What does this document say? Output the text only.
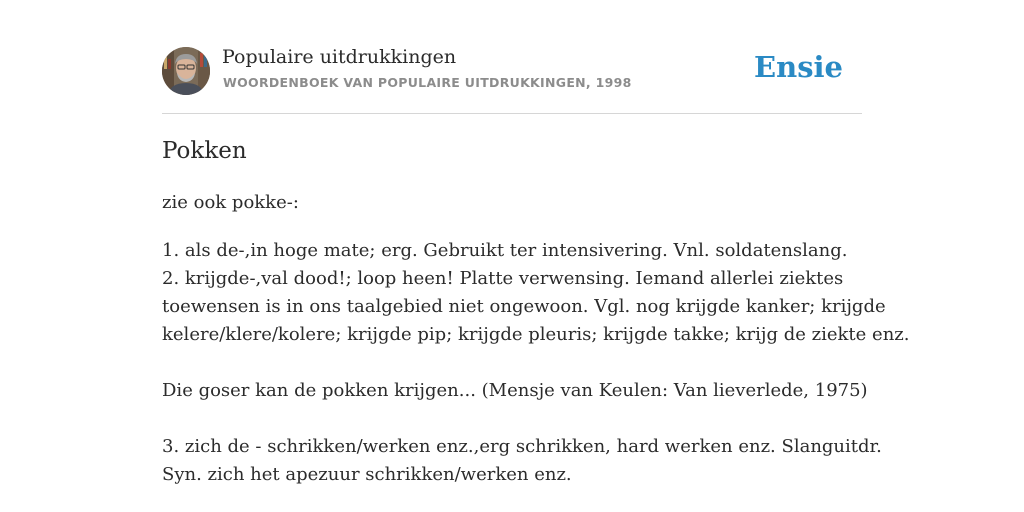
Populaire uitdrukkingen
WOORDENBOEK VAN POPULAIRE UITDRUKKINGEN, 1998	Ensie
Pokken
zie ook pokke-:
1. als de-,in hoge mate; erg. Gebruikt ter intensivering. Vnl. soldatenslang.
2. krijgde-,val dood!; loop heen! Platte verwensing. Iemand allerlei ziektes
toewensen is in ons taalgebied niet ongewoon. Vgl. nog krijgde kanker; krijgde
kelere/klere/kolere; krijgde pip; krijgde pleuris; krijgde takke; krijg de ziekte enz.
Die goser kan de pokken krijgen... (Mensje van Keulen: Van lieverlede, 1975)
3. zich de - schrikken/werken enz.,erg schrikken, hard werken enz. Slanguitdr.
Syn. zich het apezuur schrikken/werken enz.
